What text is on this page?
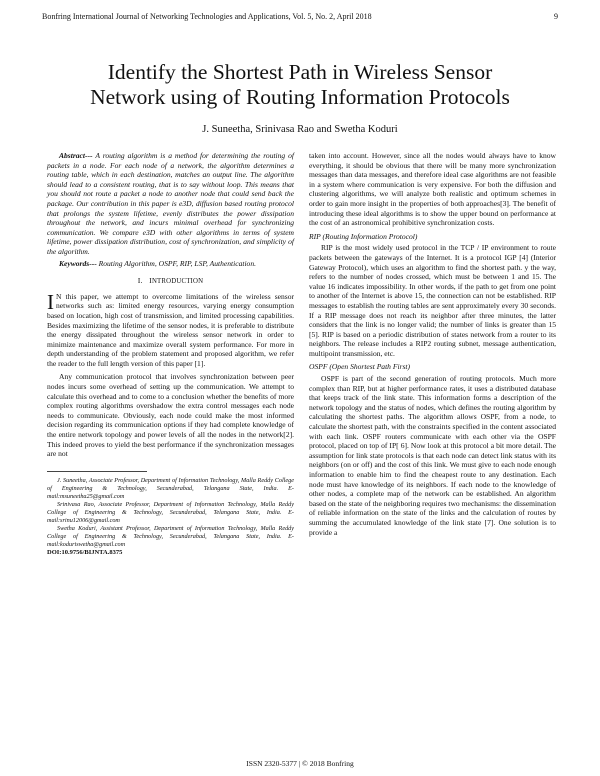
Bonfring International Journal of Networking Technologies and Applications, Vol. 5, No. 2, April 2018	9
Identify the Shortest Path in Wireless Sensor
Network using of Routing Information Protocols
J. Suneetha, Srinivasa Rao and Swetha Koduri

Abstract--- A routing algorithm is a method for determining the routing of packets in a node. For each node of a network, the algorithm determines a routing table, which in each destination, matches an output line. The algorithm should lead to a consistent routing, that is to say without loop. This means that you should not route a packet a node to another node that could send back the package. Our contribution in this paper is e3D, diffusion based routing protocol that prolongs the system lifetime, evenly distributes the power dissipation throughout the network, and incurs minimal overhead for synchronizing communication. We compare e3D with other algorithms in terms of system lifetime, power dissipation distribution, cost of synchronization, and simplicity of the algorithm.

Keywords--- Routing Algorithm, OSPF, RIP, LSP, Authentication.

I. INTRODUCTION

I N this paper, we attempt to overcome limitations of the wireless sensor networks such as: limited energy resources, varying energy consumption based on location, high cost of transmission, and limited processing capabilities. Besides maximizing the lifetime of the sensor nodes, it is preferable to distribute the energy dissipated throughout the wireless sensor network in order to minimize maintenance and maximize overall system performance. For more in depth understanding of the problem statement and proposed algorithm, we refer the reader to the full length version of this paper [1].

Any communication protocol that involves synchronization between peer nodes incurs some overhead of setting up the communication. We attempt to calculate this overhead and to come to a conclusion whether the benefits of more complex routing algorithms overshadow the extra control messages each node needs to communicate. Obviously, each node could make the most informed decision regarding its communication options if they had complete knowledge of the entire network topology and power levels of all the nodes in the network[2]. This indeed proves to yield the best performance if the synchronization messages are not

J. Suneetha, Associate Professor, Department of Information Technology, Malla Reddy College of Engineering & Technology, Secunderabad, Telangana State, India. E-mail:msuneetha25@gmail.com

Srinivasa Rao, Associate Professor, Department of Information Technology, Malla Reddy College of Engineering & Technology, Secunderabad, Telangana State, India. E-mail:srinu12006@gmail.com

Swetha Koduri, Assistant Professor, Department of Information Technology, Malla Reddy College of Engineering & Technology, Secunderabad, Telangana State, India. E-mail:koduriswetha@gmail.com

DOI:10.9756/BIJNTA.8375

taken into account. However, since all the nodes would always have to know everything, it should be obvious that there will be many more synchronization messages than data messages, and therefore ideal case algorithms are not feasible in a system where communication is very expensive. For both the diffusion and clustering algorithms, we will analyze both realistic and optimum schemes in order to gain more insight in the properties of both approaches[3]. The benefit of introducing these ideal algorithms is to show the upper bound on performance at the cost of an astronomical prohibitive synchronization costs.

RIP (Routing Information Protocol)

RIP is the most widely used protocol in the TCP / IP environment to route packets between the gateways of the Internet. It is a protocol IGP [4] (Interior Gateway Protocol), which uses an algorithm to find the shortest path. y the way, refers to the number of nodes crossed, which must be between 1 and 15. The value 16 indicates impossibility. In other words, if the path to get from one point to another of the Internet is above 15, the connection can not be established. RIP messages to establish the routing tables are sent approximately every 30 seconds. If a RIP message does not reach its neighbor after three minutes, the latter considers that the link is no longer valid; the number of links is greater than 15 [5]. RIP is based on a periodic distribution of states network from a router to its neighbors. The release includes a RIP2 routing subnet, message authentication, multipoint transmission, etc.

OSPF (Open Shortest Path First)

OSPF is part of the second generation of routing protocols. Much more complex than RIP, but at higher performance rates, it uses a distributed database that keeps track of the link state. This information forms a description of the network topology and the status of nodes, which defines the routing algorithm by calculating the shortest paths. The algorithm allows OSPF, from a node, to calculate the shortest path, with the constraints specified in the content associated with each link. OSPF routers communicate with each other via the OSPF protocol, placed on top of IP[ 6]. Now look at this protocol a bit more detail. The assumption for link state protocols is that each node can detect link status with its neighbors (on or off) and the cost of this link. We must give to each node enough information to enable him to find the cheapest route to any destination. Each node must have knowledge of its neighbors. If each node to the knowledge of other nodes, a complete map of the network can be established. An algorithm based on the state of the neighboring requires two mechanisms: the dissemination of reliable information on the state of the links and the calculation of routes by summing the accumulated knowledge of the link state [7]. One solution is to provide a

ISSN 2320-5377 | © 2018 Bonfring
